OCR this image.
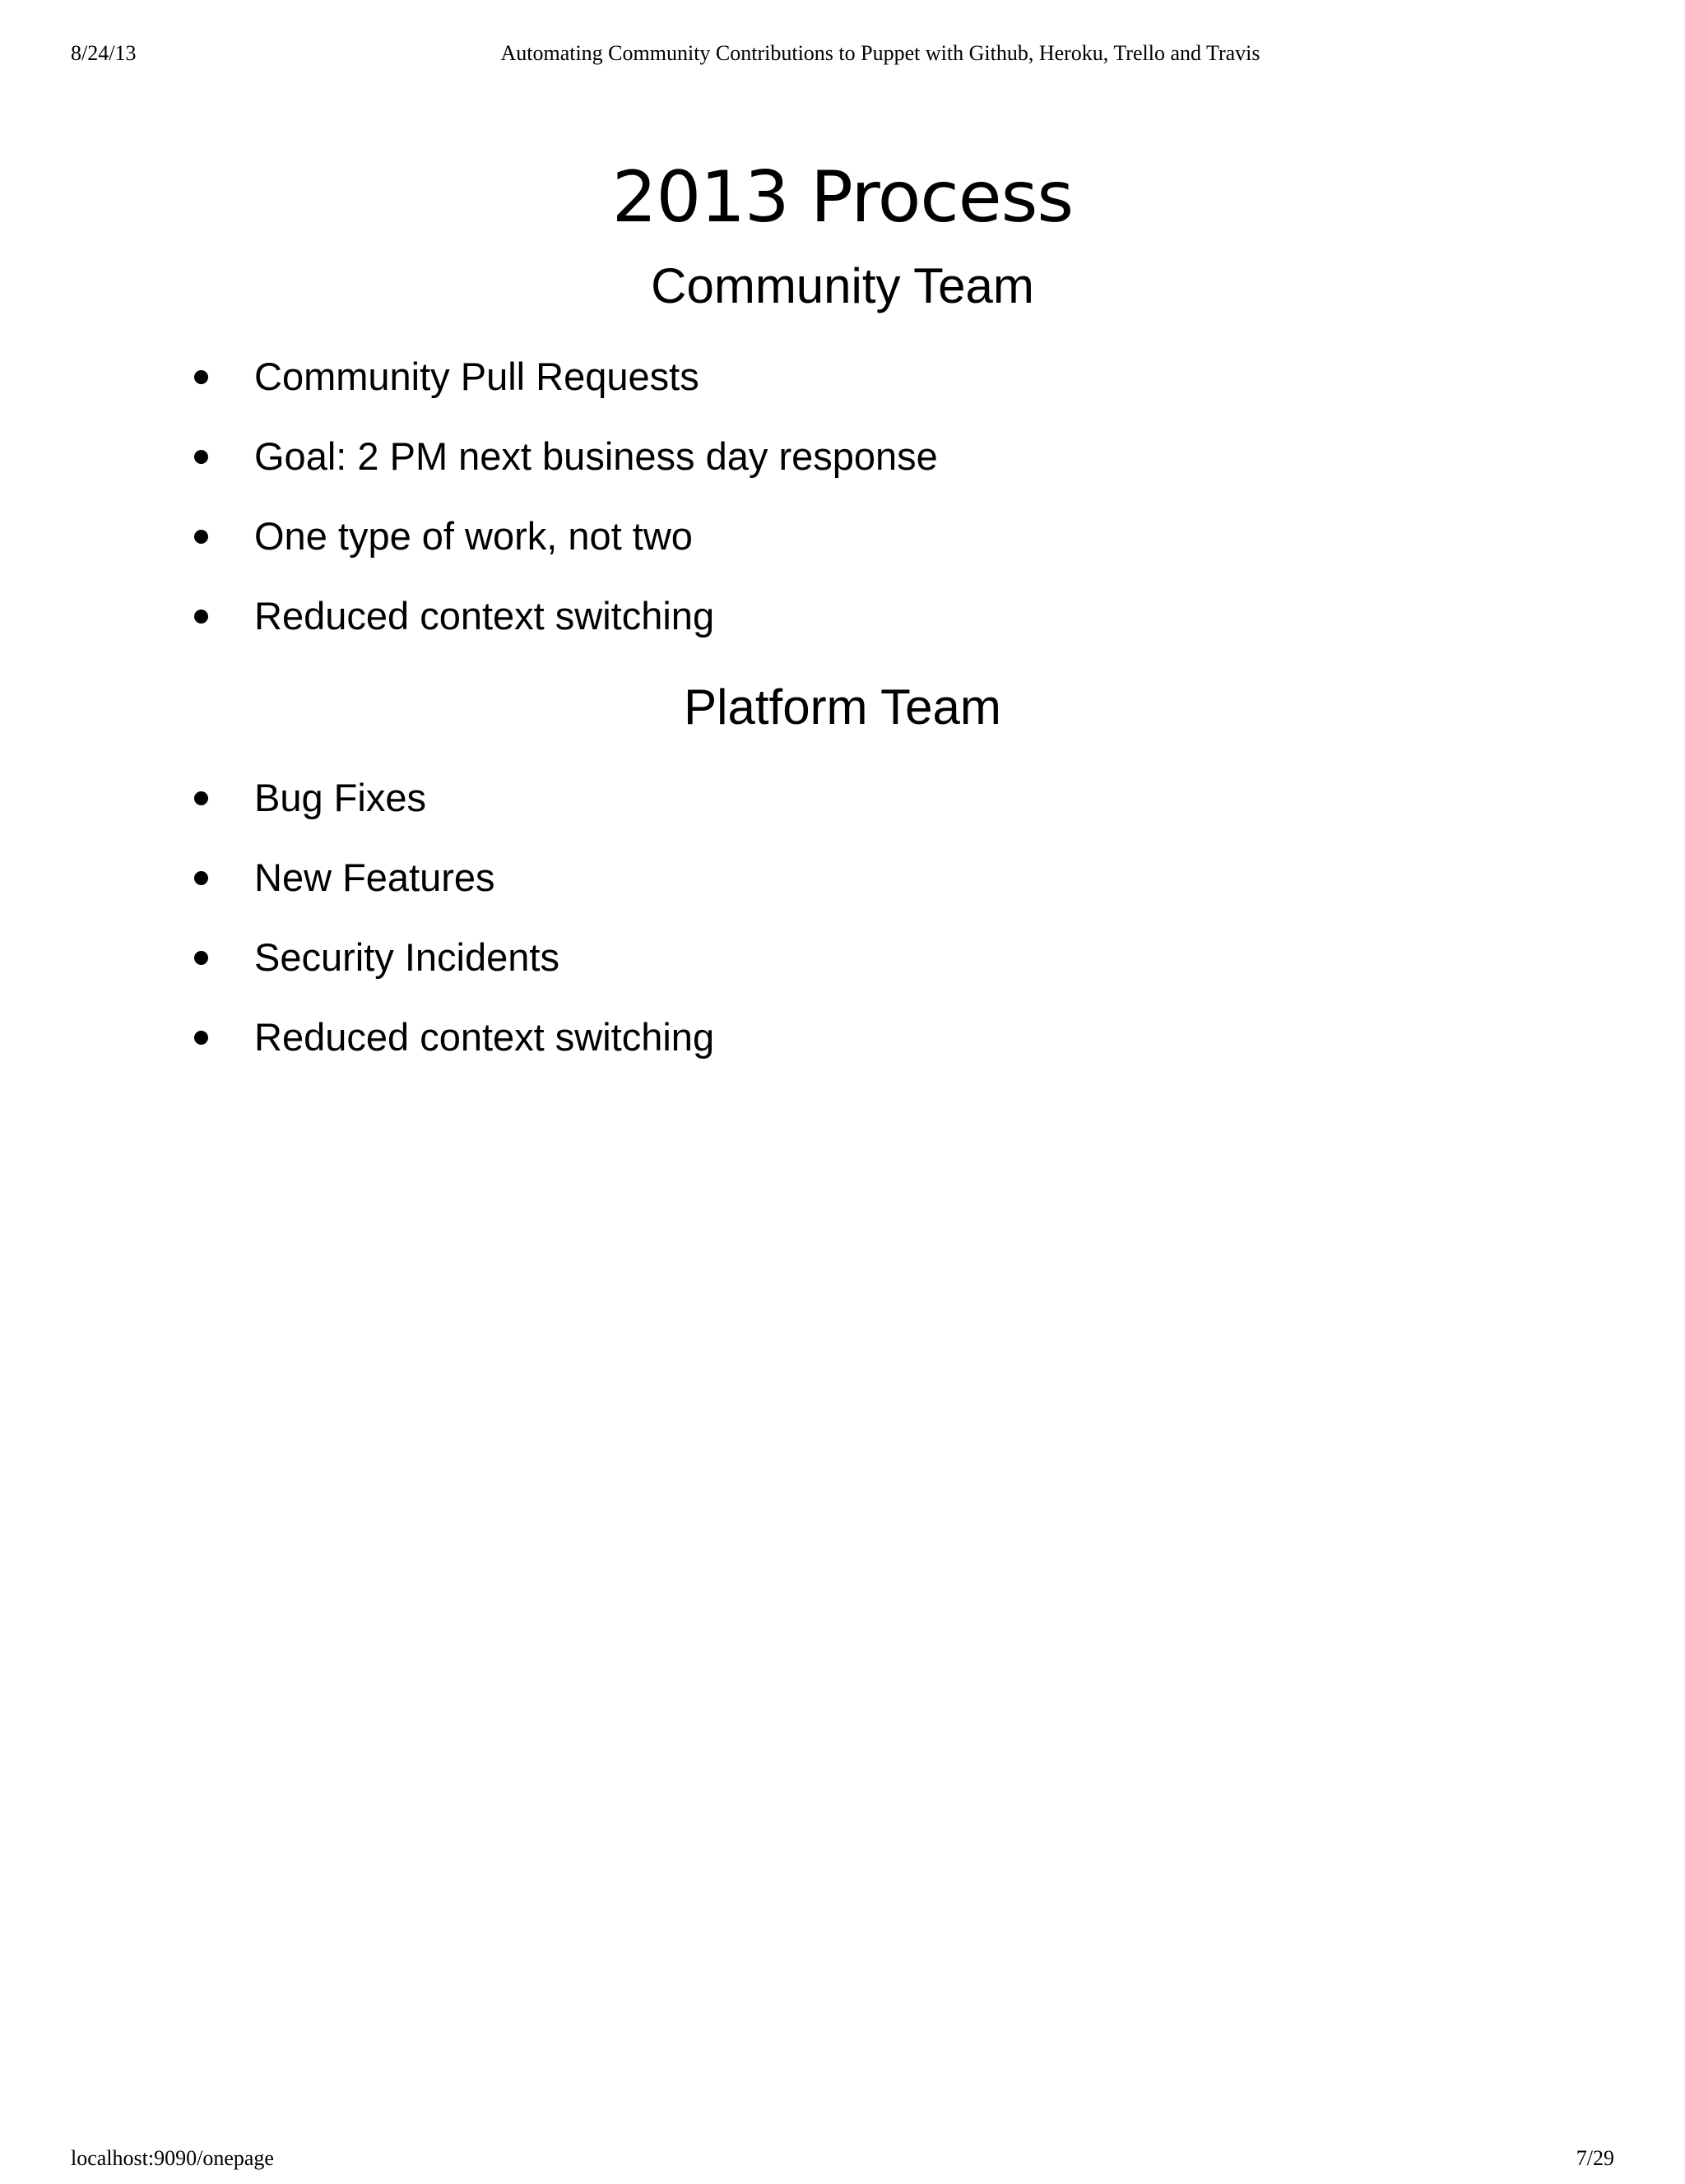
8/24/13	Automating Community Contributions to Puppet with Github, Heroku, Trello and Travis
2013 Process
Community Team
Community Pull Requests
Goal: 2 PM next business day response
One type of work, not two
Reduced context switching
Platform Team
Bug Fixes
New Features
Security Incidents
Reduced context switching
localhost:9090/onepage	7/29
